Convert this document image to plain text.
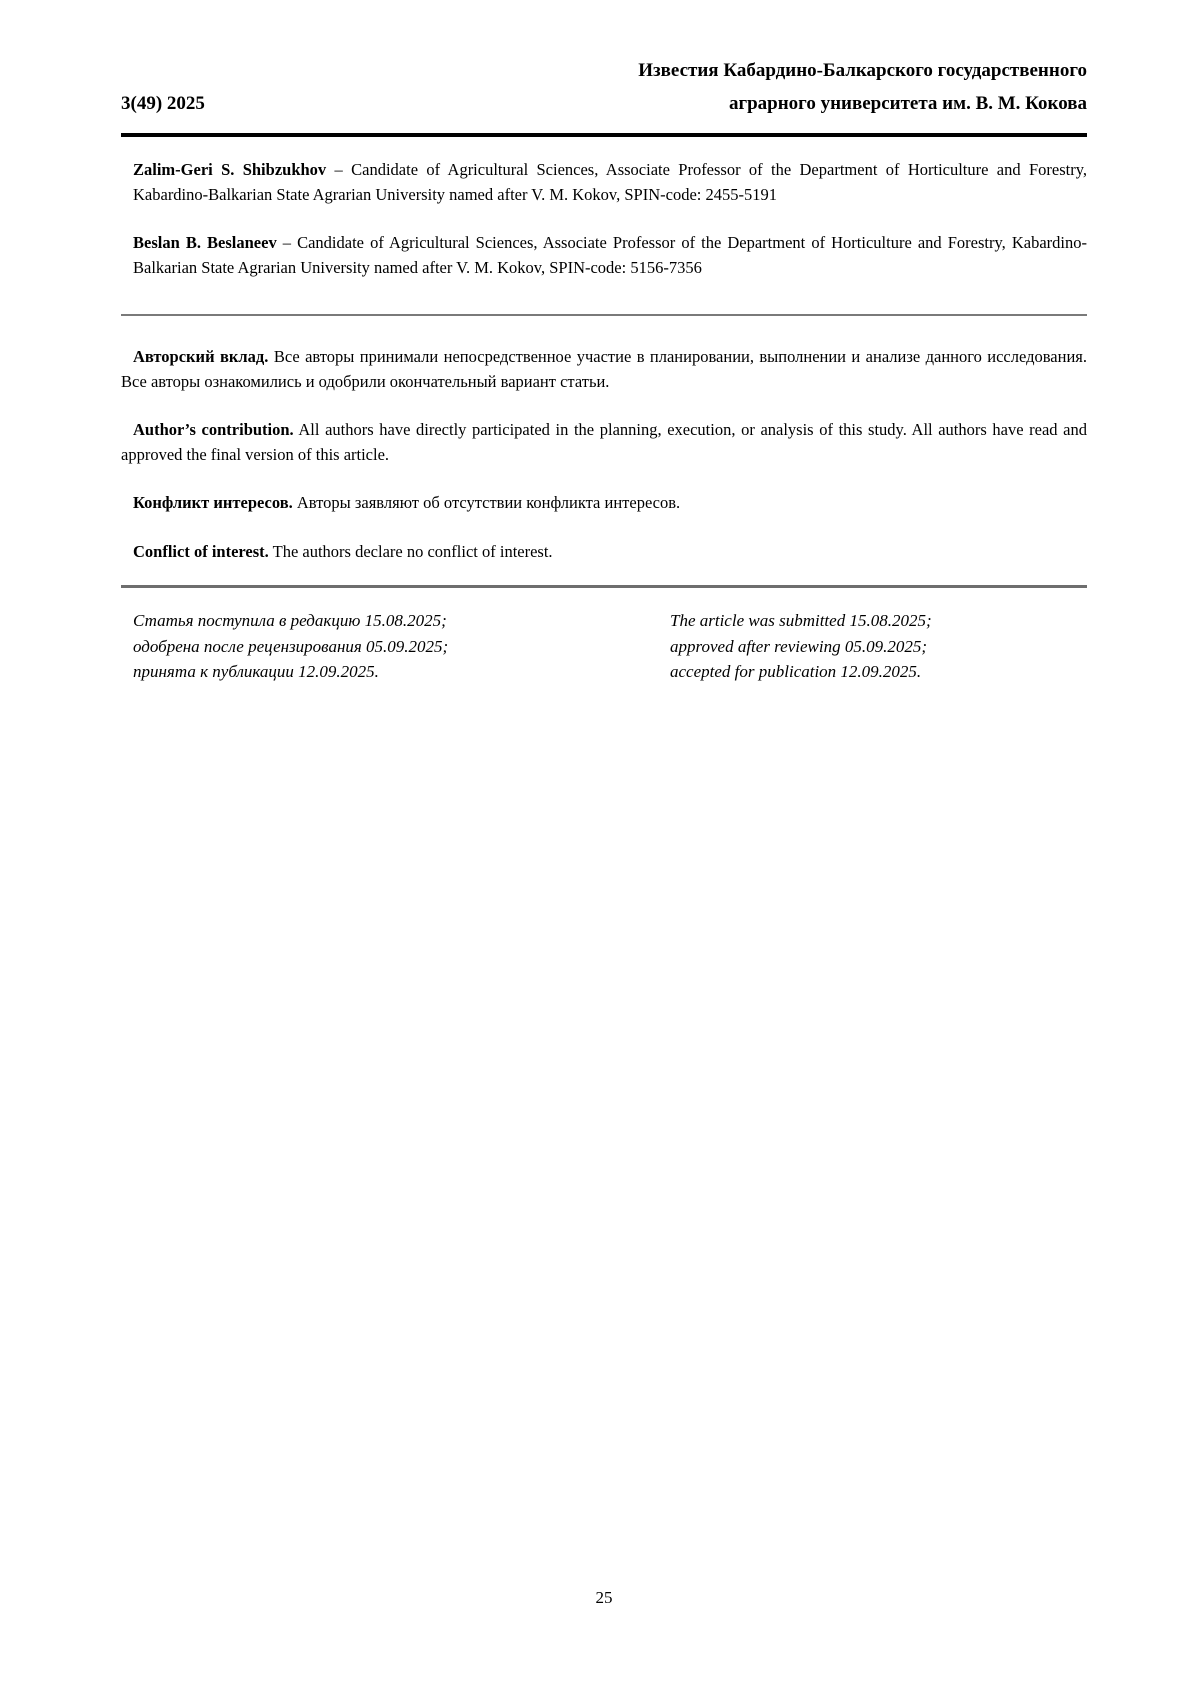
3(49) 2025
Известия Кабардино-Балкарского государственного
аграрного университета им. В. М. Кокова

Zalim-Geri S. Shibzukhov – Candidate of Agricultural Sciences, Associate Professor of the Department of Horticulture and Forestry, Kabardino-Balkarian State Agrarian University named after V. M. Kokov, SPIN-code: 2455-5191

Beslan B. Beslaneev – Candidate of Agricultural Sciences, Associate Professor of the Department of Horticulture and Forestry, Kabardino-Balkarian State Agrarian University named after V. M. Kokov, SPIN-code: 5156-7356

Авторский вклад. Все авторы принимали непосредственное участие в планировании, выполнении и анализе данного исследования. Все авторы ознакомились и одобрили окончательный вариант статьи.

Author’s contribution. All authors have directly participated in the planning, execution, or analysis of this study. All authors have read and approved the final version of this article.

Конфликт интересов. Авторы заявляют об отсутствии конфликта интересов.

Conflict of interest. The authors declare no conflict of interest.

Статья поступила в редакцию 15.08.2025;
одобрена после рецензирования 05.09.2025;
принята к публикации 12.09.2025.
The article was submitted 15.08.2025;
approved after reviewing 05.09.2025;
accepted for publication 12.09.2025.
25
